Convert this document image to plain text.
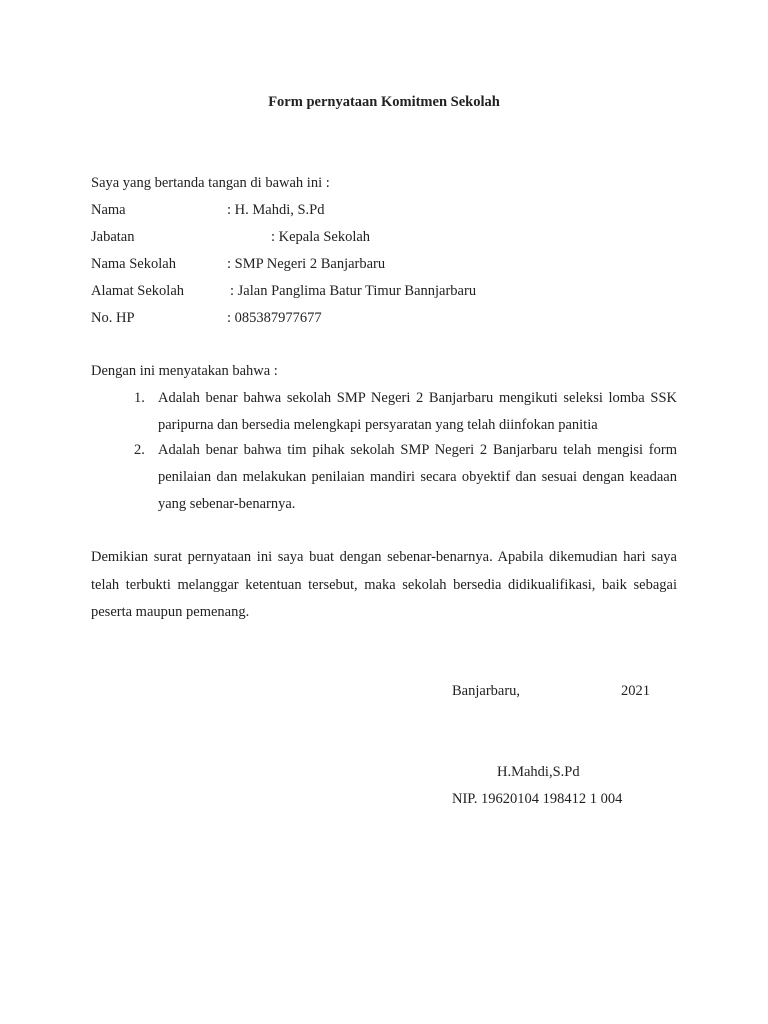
Form pernyataan Komitmen Sekolah
Saya yang bertanda tangan di bawah ini :
Nama	: H. Mahdi, S.Pd
Jabatan	: Kepala Sekolah
Nama Sekolah	: SMP Negeri 2 Banjarbaru
Alamat Sekolah	: Jalan Panglima Batur Timur Bannjarbaru
No. HP	: 085387977677
Dengan ini menyatakan bahwa :
1. Adalah benar bahwa sekolah SMP Negeri 2 Banjarbaru mengikuti seleksi lomba SSK paripurna dan bersedia melengkapi persyaratan yang telah diinfokan panitia
2. Adalah benar bahwa tim pihak sekolah SMP Negeri 2 Banjarbaru telah mengisi form penilaian dan melakukan penilaian mandiri secara obyektif dan sesuai dengan keadaan yang sebenar-benarnya.
Demikian surat pernyataan ini saya buat dengan sebenar-benarnya. Apabila dikemudian hari saya telah terbukti melanggar ketentuan tersebut, maka sekolah bersedia didikualifikasi, baik sebagai peserta maupun pemenang.
Banjarbaru,	2021
H.Mahdi,S.Pd
NIP. 19620104 198412 1 004
